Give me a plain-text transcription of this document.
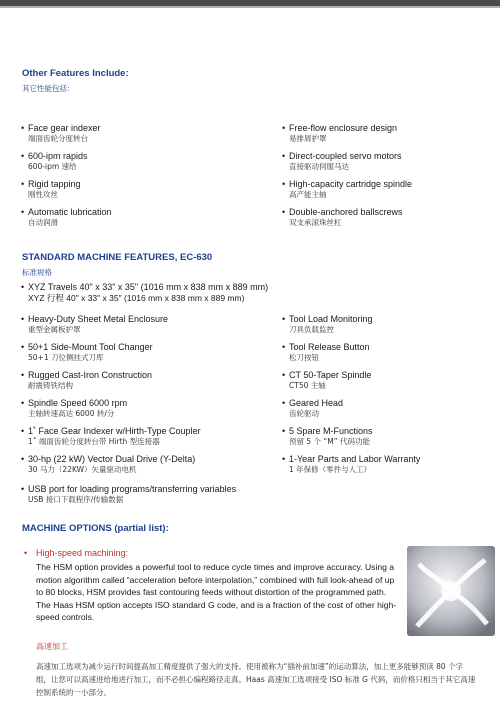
Other Features Include:
其它性能包括：
• Face gear indexer
端面齿轮分度转台
• 600-ipm rapids
600-ipm 速给
• Rigid tapping
刚性攻丝
• Automatic lubrication
自动润滑
• Free-flow enclosure design
易排屑护罩
• Direct-coupled servo motors
直接驱动伺服马达
• High-capacity cartridge spindle
高产能主轴
• Double-anchored ballscrews
双支承滚珠丝杠
STANDARD MACHINE FEATURES, EC-630
标准规格
• XYZ Travels 40" x 33" x 35" (1016 mm x 838 mm x 889 mm)
XYZ 行程 40" x 33" x 35" (1016 mm x 838 mm x 889 mm)
• Heavy-Duty Sheet Metal Enclosure
重型金属板护罩
• 50+1 Side-Mount Tool Changer
50+1 刀位侧挂式刀库
• Rugged Cast-Iron Construction
耐震铸铁结构
• Spindle Speed 6000 rpm
主轴转速高达 6000 转/分
• 1˚ Face Gear Indexer w/Hirth-Type Coupler
1˚ 端面齿轮分度转台带 Hirth 型连接器
• 30-hp (22 kW) Vector Dual Drive (Y-Delta)
30 马力（22KW）矢量驱动电机
• Tool Load Monitoring
刀具负载监控
• Tool Release Button
松刀按钮
• CT 50-Taper Spindle
CT50 主轴
• Geared Head
齿轮驱动
• 5 Spare M-Functions
预留 5 个 “M” 代码功能
• 1-Year Parts and Labor Warranty
1 年保修（零件与人工）
• USB port for loading programs/transferring variables
USB 接口下载程序/传输数据
MACHINE OPTIONS (partial list):
• High-speed machining:
The HSM option provides a powerful tool to reduce cycle times and improve accuracy. Using a motion algorithm called “acceleration before interpolation,” combined with full look-ahead of up to 80 blocks, HSM provides fast contouring feeds without distortion of the programmed path. The Haas HSM option accepts ISO standard G code, and is a fraction of the cost of other high-speed controls.
高速加工
高速加工选项为减少运行时间提高加工精度提供了强大的支持。使用被称为“插补前加速”的运动算法，加上更多能够预读 80 个字组，让您可以高速进给地进行加工，而不必担心编程路径走真。Haas 高速加工选项接受 ISO 标准 G 代码，而价格只相当于其它高速控制系统的一小部分。
